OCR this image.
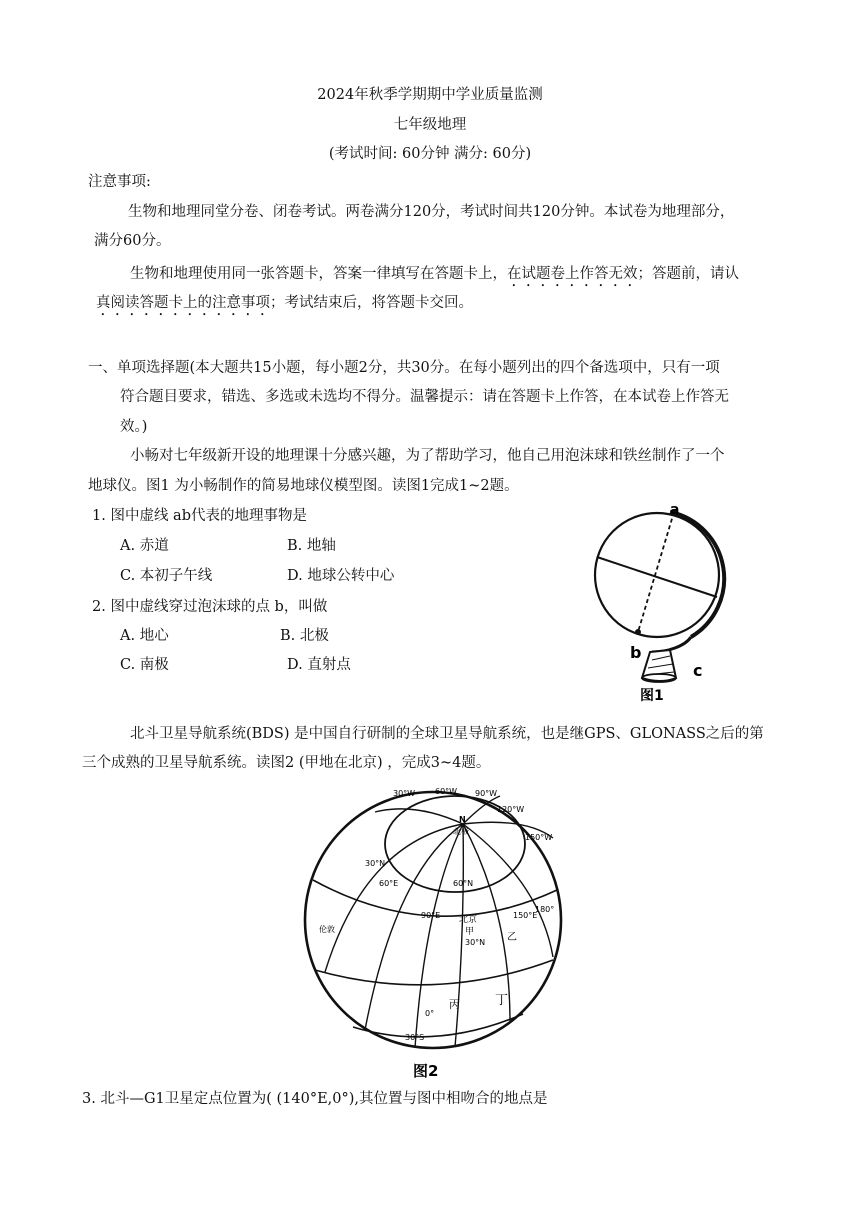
2024年秋季学期期中学业质量监测
七年级地理
(考试时间: 60分钟 满分: 60分)
注意事项:
生物和地理同堂分卷、闭卷考试。两卷满分120分，考试时间共120分钟。本试卷为地理部分，
满分60分。
生物和地理使用同一张答题卡，答案一律填写在答题卡上，在试题卷上作答无效；答题前，请认
真阅读答题卡上的注意事项；考试结束后，将答题卡交回。
一、单项选择题(本大题共15小题，每小题2分，共30分。在每小题列出的四个备选项中，只有一项
符合题目要求，错选、多选或未选均不得分。温馨提示：请在答题卡上作答，在本试卷上作答无
效。)
小畅对七年级新开设的地理课十分感兴趣，为了帮助学习，他自己用泡沫球和铁丝制作了一个
地球仪。图1 为小畅制作的简易地球仪模型图。读图1完成1~2题。
1. 图中虚线 ab代表的地理事物是
A. 赤道	B. 地轴
C. 本初子午线	D. 地球公转中心
2. 图中虚线穿过泡沫球的点 b，叫做
A. 地心	B. 北极
C. 南极	D. 直射点
a
b
c
图1
北斗卫星导航系统(BDS) 是中国自行研制的全球卫星导航系统，也是继GPS、GLONASS之后的第
三个成熟的卫星导航系统。读图2 (甲地在北京) ，完成3~4题。
30°W 60°W 90°W
120°W
150°W
N
北极
60°N
30°N
30°N
0°
30°S
60°E
90°E
180°
150°E
伦敦
北京
甲	乙
丙	丁
图2
3. 北斗—G1卫星定点位置为( (140°E,0°),其位置与图中相吻合的地点是
